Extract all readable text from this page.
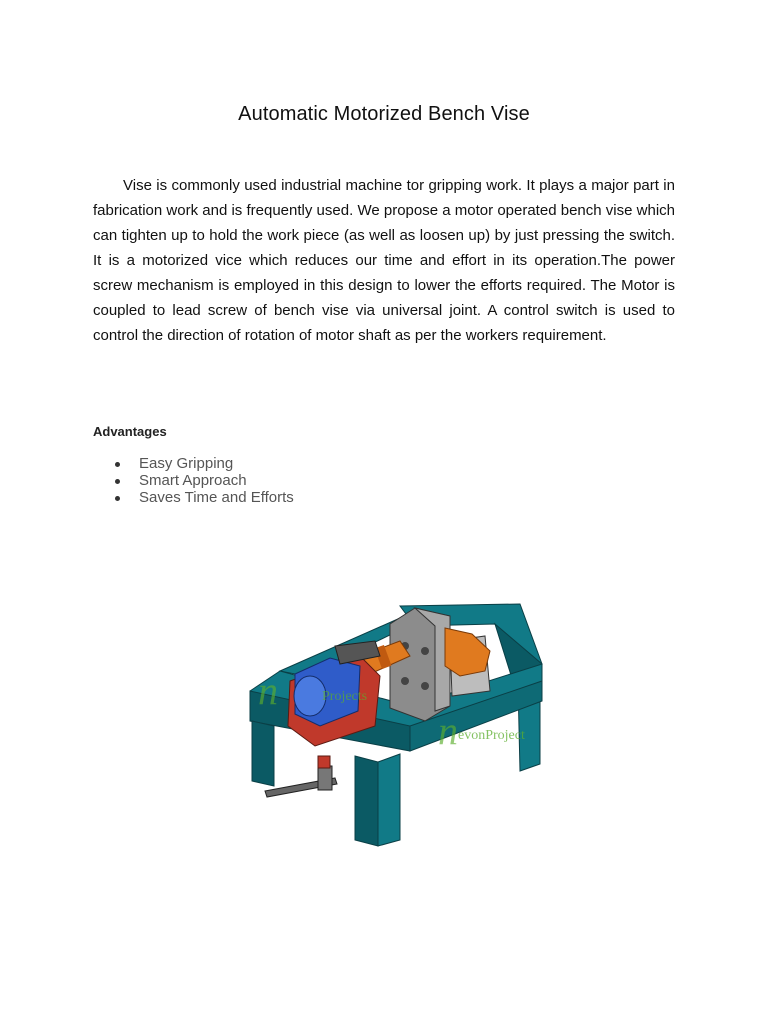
Automatic Motorized Bench Vise

Vise is commonly used industrial machine tor gripping work. It plays a major part in fabrication work and is frequently used. We propose a motor operated bench vise which can tighten up to hold the work piece (as well as loosen up) by just pressing the switch. It is a motorized vice which reduces our time and effort in its operation.The power screw mechanism is employed in this design to lower the efforts required. The Motor is coupled to lead screw of bench vise via universal joint. A control switch is used to control the direction of rotation of motor shaft as per the workers requirement.

Advantages
Easy Gripping
Smart Approach
Saves Time and Efforts
n	Projects
n evonProject
